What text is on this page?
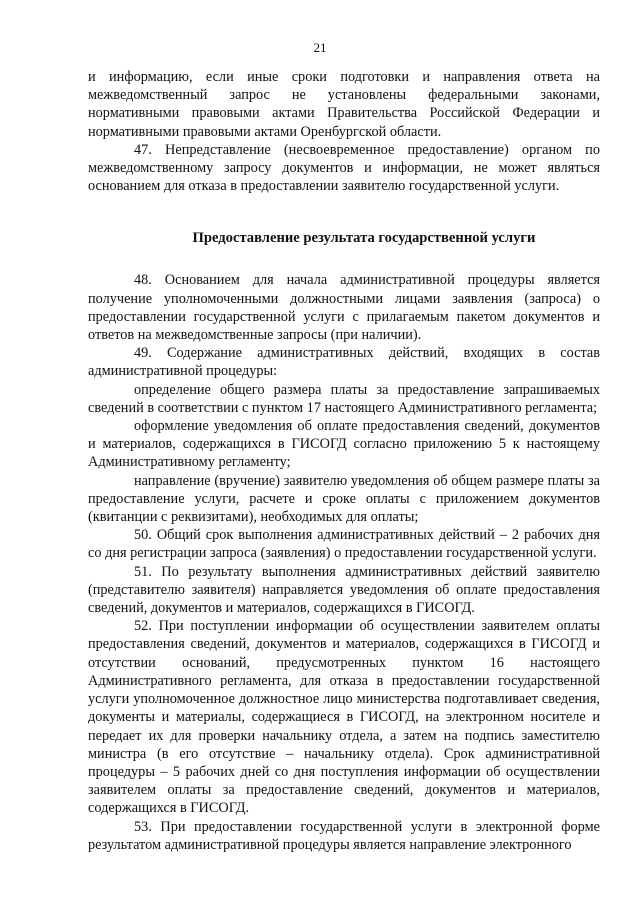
21

и информацию, если иные сроки подготовки и направления ответа на межведомственный запрос не установлены федеральными законами, нормативными правовыми актами Правительства Российской Федерации и нормативными правовыми актами Оренбургской области.

47. Непредставление (несвоевременное предоставление) органом по межведомственному запросу документов и информации, не может являться основанием для отказа в предоставлении заявителю государственной услуги.

Предоставление результата государственной услуги

48. Основанием для начала административной процедуры является получение уполномоченными должностными лицами заявления (запроса) о предоставлении государственной услуги с прилагаемым пакетом документов и ответов на межведомственные запросы (при наличии).

49. Содержание административных действий, входящих в состав административной процедуры:

определение общего размера платы за предоставление запрашиваемых сведений в соответствии с пунктом 17 настоящего Административного регламента;

оформление уведомления об оплате предоставления сведений, документов и материалов, содержащихся в ГИСОГД согласно приложению 5 к настоящему Административному регламенту;

направление (вручение) заявителю уведомления об общем размере платы за предоставление услуги, расчете и сроке оплаты с приложением документов (квитанции с реквизитами), необходимых для оплаты;

50. Общий срок выполнения административных действий – 2 рабочих дня со дня регистрации запроса (заявления) о предоставлении государственной услуги.

51. По результату выполнения административных действий заявителю (представителю заявителя) направляется уведомления об оплате предоставления сведений, документов и материалов, содержащихся в ГИСОГД.

52. При поступлении информации об осуществлении заявителем оплаты предоставления сведений, документов и материалов, содержащихся в ГИСОГД и отсутствии оснований, предусмотренных пунктом 16 настоящего Административного регламента, для отказа в предоставлении государственной услуги уполномоченное должностное лицо министерства подготавливает сведения, документы и материалы, содержащиеся в ГИСОГД, на электронном носителе и передает их для проверки начальнику отдела, а затем на подпись заместителю министра (в его отсутствие – начальнику отдела). Срок административной процедуры – 5 рабочих дней со дня поступления информации об осуществлении заявителем оплаты за предоставление сведений, документов и материалов, содержащихся в ГИСОГД.

53. При предоставлении государственной услуги в электронной форме результатом административной процедуры является направление электронного
